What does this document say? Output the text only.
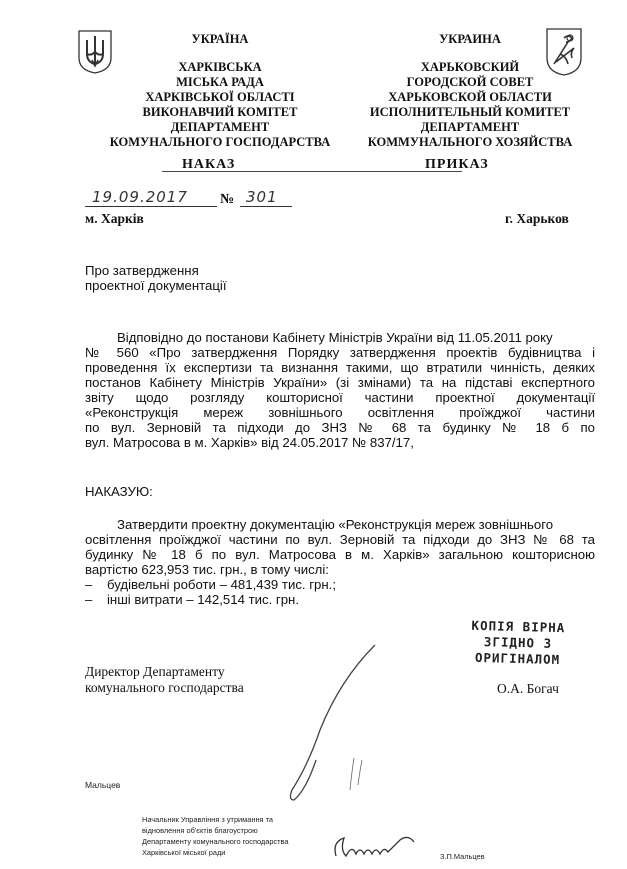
УКРАЇНА
ХАРКІВСЬКА
МІСЬКА РАДА
ХАРКІВСЬКОЇ ОБЛАСТІ
ВИКОНАВЧИЙ КОМІТЕТ
ДЕПАРТАМЕНТ
КОМУНАЛЬНОГО ГОСПОДАРСТВА
УКРАИНА
ХАРЬКОВСКИЙ
ГОРОДСКОЙ СОВЕТ
ХАРЬКОВСКОЙ ОБЛАСТИ
ИСПОЛНИТЕЛЬНЫЙ КОМИТЕТ
ДЕПАРТАМЕНТ
КОММУНАЛЬНОГО ХОЗЯЙСТВА
НАКАЗ	ПРИКАЗ
19.09.2017 № 301
м. Харків	г. Харьков
Про затвердження
проектної документації
Відповідно до постанови Кабінету Міністрів України від 11.05.2011 року
№ 560 «Про затвердження Порядку затвердження проектів будівництва і
проведення їх експертизи та визнання такими, що втратили чинність, деяких
постанов Кабінету Міністрів України» (зі змінами) та на підставі експертного
звіту щодо розгляду кошторисної частини проектної документації
«Реконструкція мереж зовнішнього освітлення проїжджої частини
по вул. Зерновій та підходи до ЗНЗ № 68 та будинку № 18 б по
вул. Матросова в м. Харків» від 24.05.2017 № 837/17,
НАКАЗУЮ:
Затвердити проектну документацію «Реконструкція мереж зовнішнього
освітлення проїжджої частини по вул. Зерновій та підходи до ЗНЗ № 68 та
будинку № 18 б по вул. Матросова в м. Харків» загальною кошторисною
вартістю 623,953 тис. грн., в тому числі:
–	будівельні роботи – 481,439 тис. грн.;
–	інші витрати – 142,514 тис. грн.
КОПІЯ ВІРНА
ЗГІДНО З
ОРИГІНАЛОМ
Директор Департаменту
комунального господарства	О.А. Богач
Мальцев
Начальник Управління з утримання та
відновлення об'єктів благоустрою
Департаменту комунального господарства
Харківської міської ради	З.П.Мальцев
